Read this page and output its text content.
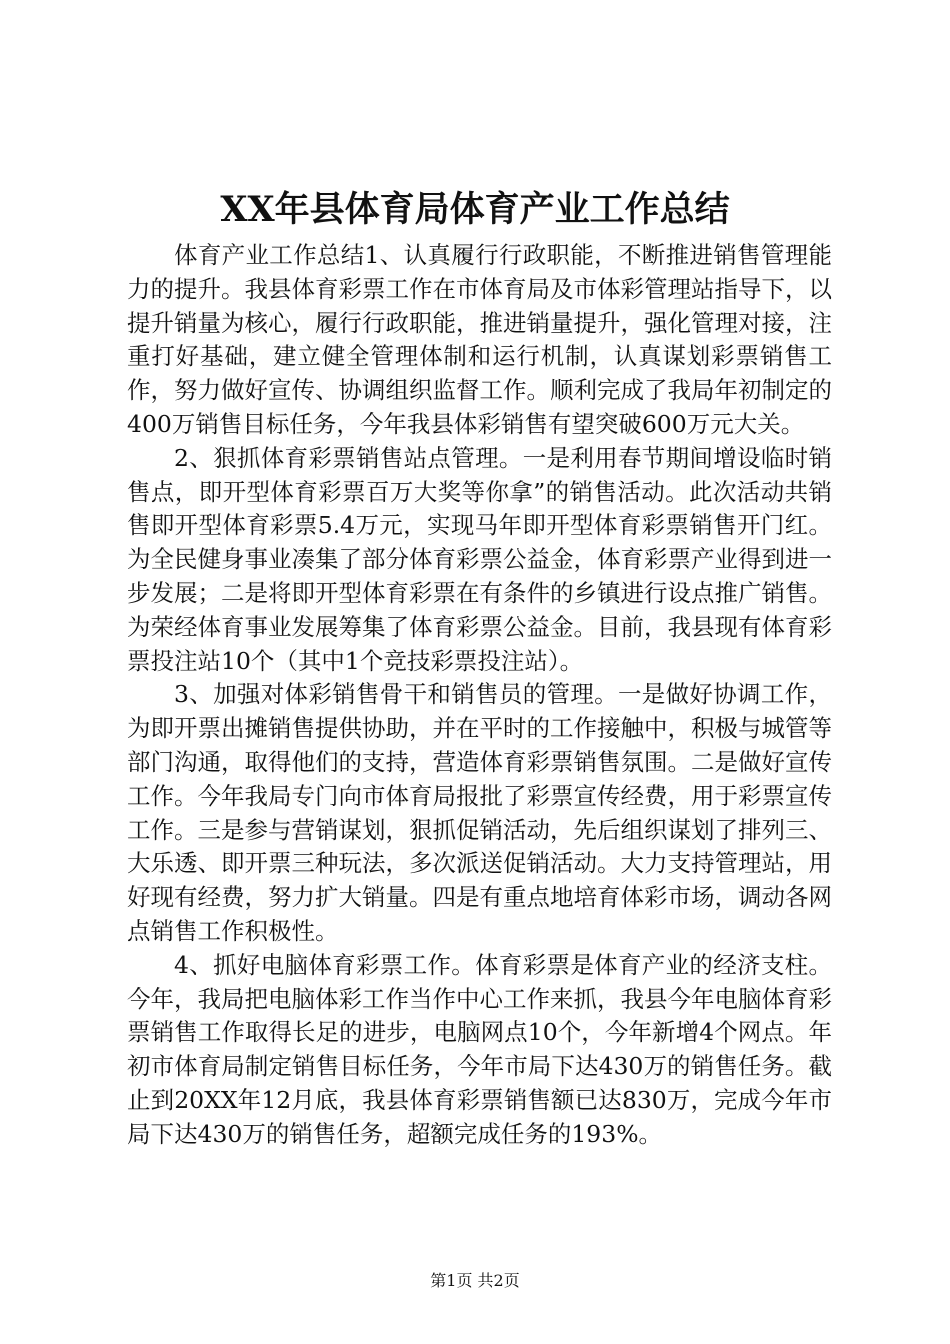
XX年县体育局体育产业工作总结

体育产业工作总结1、认真履行行政职能，不断推进销售管理能力的提升。我县体育彩票工作在市体育局及市体彩管理站指导下，以提升销量为核心，履行行政职能，推进销量提升，强化管理对接，注重打好基础，建立健全管理体制和运行机制，认真谋划彩票销售工作，努力做好宣传、协调组织监督工作。顺利完成了我局年初制定的400万销售目标任务，今年我县体彩销售有望突破600万元大关。

2、狠抓体育彩票销售站点管理。一是利用春节期间增设临时销售点，即开型体育彩票百万大奖等你拿”的销售活动。此次活动共销售即开型体育彩票5.4万元，实现马年即开型体育彩票销售开门红。为全民健身事业凑集了部分体育彩票公益金，体育彩票产业得到进一步发展；二是将即开型体育彩票在有条件的乡镇进行设点推广销售。为荣经体育事业发展筹集了体育彩票公益金。目前，我县现有体育彩票投注站10个（其中1个竞技彩票投注站）。

3、加强对体彩销售骨干和销售员的管理。一是做好协调工作，为即开票出摊销售提供协助，并在平时的工作接触中，积极与城管等部门沟通，取得他们的支持，营造体育彩票销售氛围。二是做好宣传工作。今年我局专门向市体育局报批了彩票宣传经费，用于彩票宣传工作。三是参与营销谋划，狠抓促销活动，先后组织谋划了排列三、大乐透、即开票三种玩法，多次派送促销活动。大力支持管理站，用好现有经费，努力扩大销量。四是有重点地培育体彩市场，调动各网点销售工作积极性。

4、抓好电脑体育彩票工作。体育彩票是体育产业的经济支柱。今年，我局把电脑体彩工作当作中心工作来抓，我县今年电脑体育彩票销售工作取得长足的进步，电脑网点10个，今年新增4个网点。年初市体育局制定销售目标任务，今年市局下达430万的销售任务。截止到20XX年12月底，我县体育彩票销售额已达830万，完成今年市局下达430万的销售任务，超额完成任务的193%。

第1页 共2页
